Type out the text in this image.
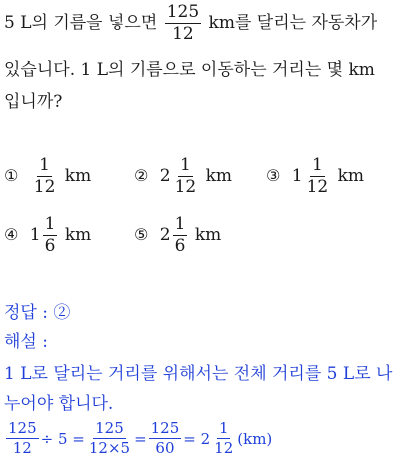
5 L의 기름을 넣으면 $\frac{125}{12}$ km를 달리는 자동차가
있습니다. 1 L의 기름으로 이동하는 거리는 몇 km
입니까?
① $\frac{1}{12}$ km	② $2 \frac{1}{12}$ km ③ $1 \frac{1}{12}$ km
④ $1 \frac{1}{6}$ km	⑤ $2 \frac{1}{6}$ km
정답 : ②
해설 :
1 L로 달리는 거리를 위해서는 전체 거리를 5 L로 나
누어야 합니다.
$\frac{125}{12} \div 5 = \frac{125}{12\times 5} = \frac{125}{60} = 2 \frac{1}{12} (km)$
